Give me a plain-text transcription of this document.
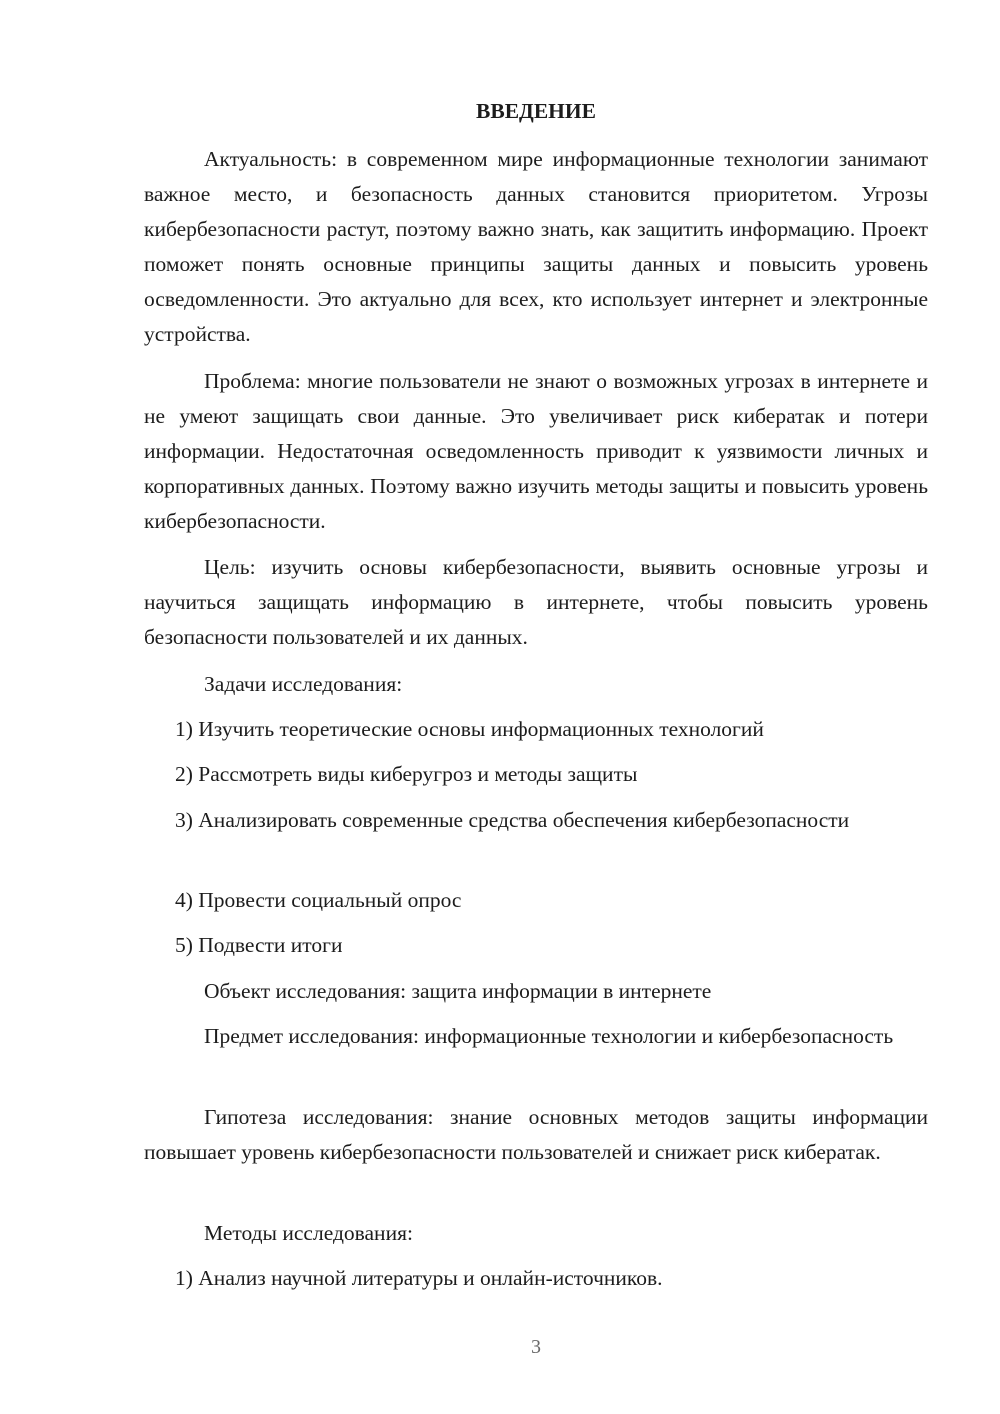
ВВЕДЕНИЕ

Актуальность: в современном мире информационные технологии занимают важное место, и безопасность данных становится приоритетом. Угрозы кибербезопасности растут, поэтому важно знать, как защитить информацию. Проект поможет понять основные принципы защиты данных и повысить уровень осведомленности. Это актуально для всех, кто использует интернет и электронные устройства.

Проблема: многие пользователи не знают о возможных угрозах в интернете и не умеют защищать свои данные. Это увеличивает риск кибератак и потери информации. Недостаточная осведомленность приводит к уязвимости личных и корпоративных данных. Поэтому важно изучить методы защиты и повысить уровень кибербезопасности.

Цель: изучить основы кибербезопасности, выявить основные угрозы и научиться защищать информацию в интернете, чтобы повысить уровень безопасности пользователей и их данных.

Задачи исследования:

1) Изучить теоретические основы информационных технологий

2) Рассмотреть виды киберугроз и методы защиты

3) Анализировать современные средства обеспечения кибербезопасности

4) Провести социальный опрос

5) Подвести итоги

Объект исследования: защита информации в интернете

Предмет исследования: информационные технологии и кибербезопасность

Гипотеза исследования: знание основных методов защиты информации повышает уровень кибербезопасности пользователей и снижает риск кибератак.

Методы исследования:

1) Анализ научной литературы и онлайн-источников.

3
